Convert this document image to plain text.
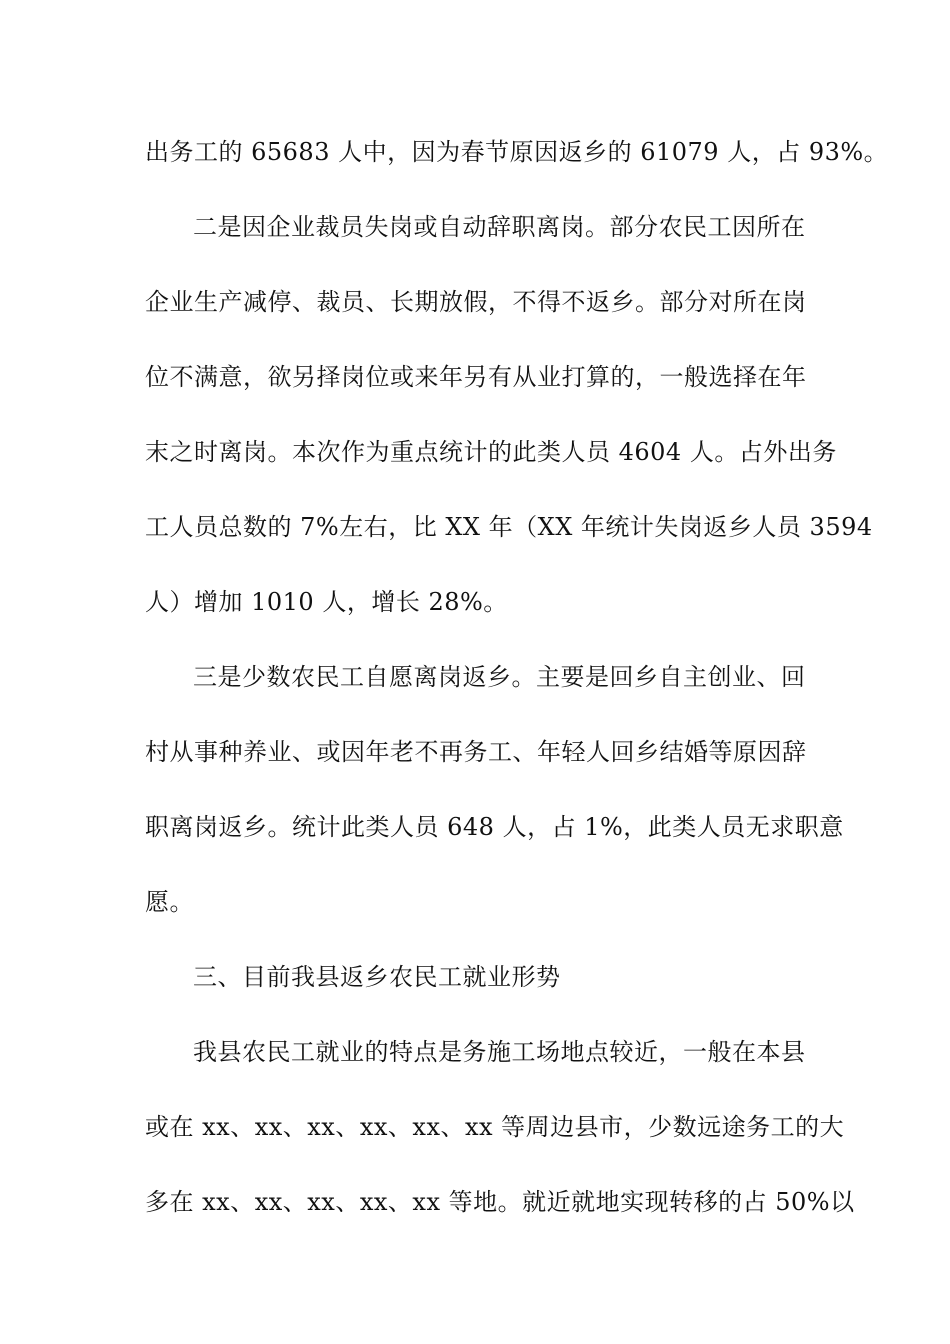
出务工的 65683 人中，因为春节原因返乡的 61079 人，占 93%。
二是因企业裁员失岗或自动辞职离岗。部分农民工因所在
企业生产减停、裁员、长期放假，不得不返乡。部分对所在岗
位不满意，欲另择岗位或来年另有从业打算的，一般选择在年
末之时离岗。本次作为重点统计的此类人员 4604 人。占外出务
工人员总数的 7%左右，比 XX 年（XX 年统计失岗返乡人员 3594
人）增加 1010 人，增长 28%。
三是少数农民工自愿离岗返乡。主要是回乡自主创业、回
村从事种养业、或因年老不再务工、年轻人回乡结婚等原因辞
职离岗返乡。统计此类人员 648 人，占 1%，此类人员无求职意
愿。
三、目前我县返乡农民工就业形势
我县农民工就业的特点是务施工场地点较近，一般在本县
或在 xx、xx、xx、xx、xx、xx 等周边县市，少数远途务工的大
多在 xx、xx、xx、xx、xx 等地。就近就地实现转移的占 50%以
